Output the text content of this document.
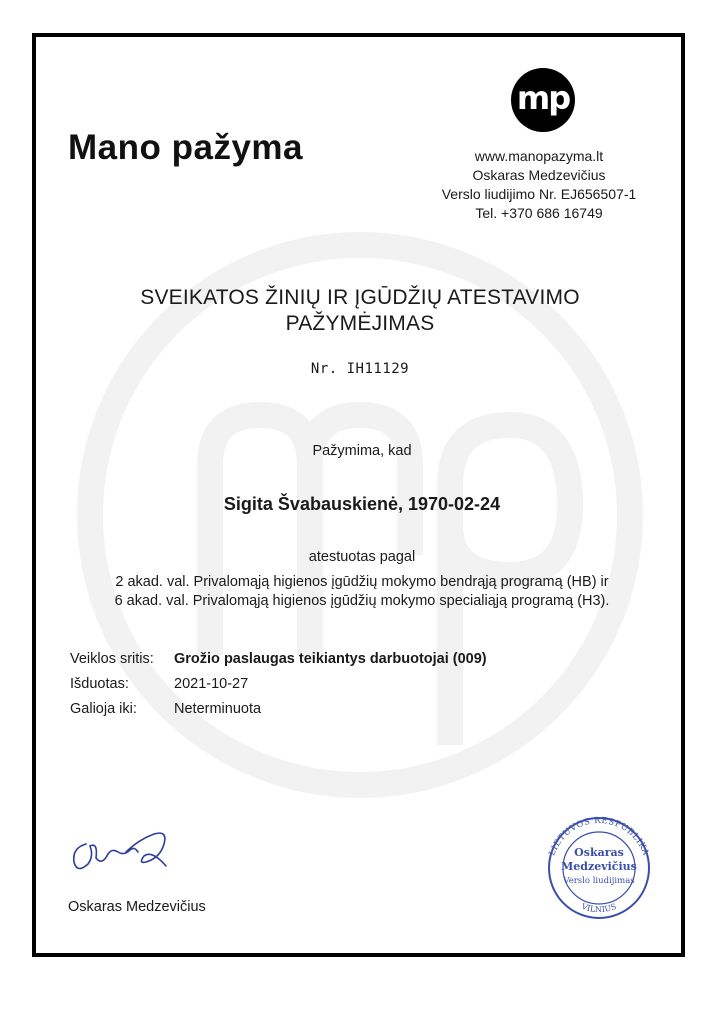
Mano pažyma
mp
www.manopazyma.lt
Oskaras Medzevičius
Verslo liudijimo Nr. EJ656507-1
Tel. +370 686 16749
SVEIKATOS ŽINIŲ IR ĮGŪDŽIŲ ATESTAVIMO
PAŽYMĖJIMAS
Nr. IH11129
Pažymima, kad
Sigita Švabauskienė, 1970-02-24
atestuotas pagal
2 akad. val. Privalomąją higienos įgūdžių mokymo bendrąją programą (HB) ir
6 akad. val. Privalomąją higienos įgūdžių mokymo specialiąją programą (H3).
Veiklos sritis:	Grožio paslaugas teikiantys darbuotojai (009)
Išduotas:	2021-10-27
Galioja iki:	Neterminuota
Oskaras Medzevičius
LIETUVOS RESPUBLIKA
VILNIUS
Oskaras
Medzevičius
Verslo liudijimas
